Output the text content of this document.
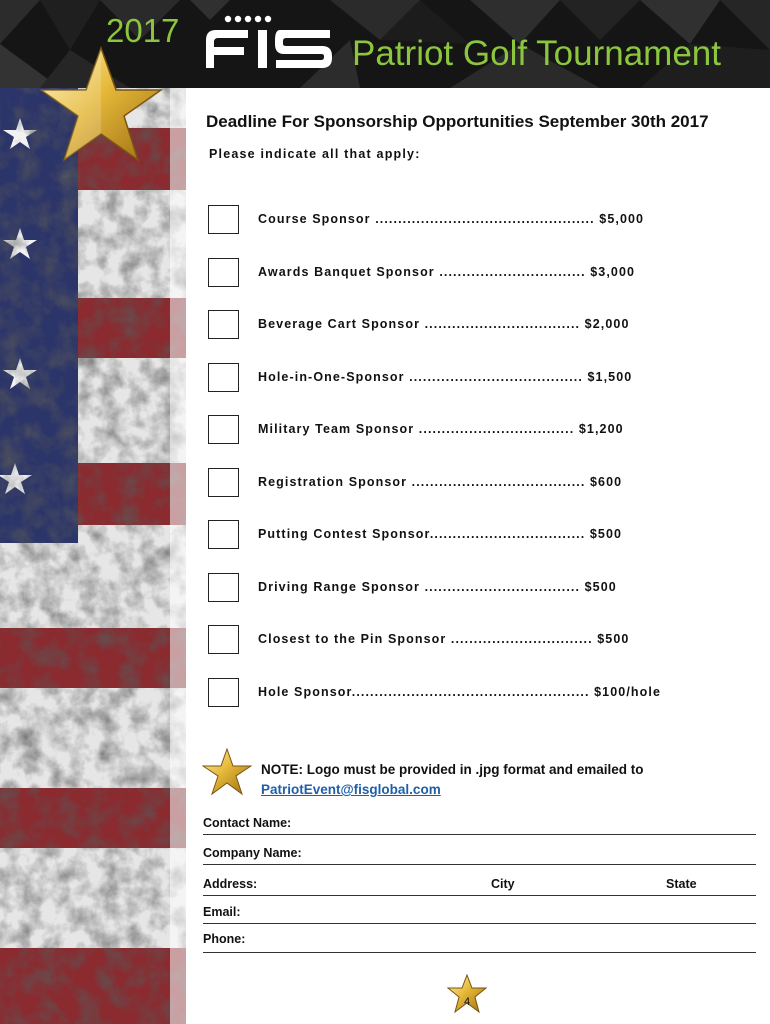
2017
Patriot Golf Tournament
Deadline For Sponsorship Opportunities September 30th 2017
Please indicate all that apply:
Course Sponsor ................................................ $5,000
Awards Banquet Sponsor ................................ $3,000
Beverage Cart Sponsor .................................. $2,000
Hole-in-One-Sponsor ...................................... $1,500
Military Team Sponsor .................................. $1,200
Registration Sponsor ...................................... $600
Putting Contest Sponsor.................................. $500
Driving Range Sponsor .................................. $500
Closest to the Pin Sponsor ............................... $500
Hole Sponsor.................................................... $100/hole
NOTE: Logo must be provided in .jpg format and emailed to
PatriotEvent@fisglobal.com
Contact Name:
Company Name:
Address:	City	State
Email:
Phone:
4
